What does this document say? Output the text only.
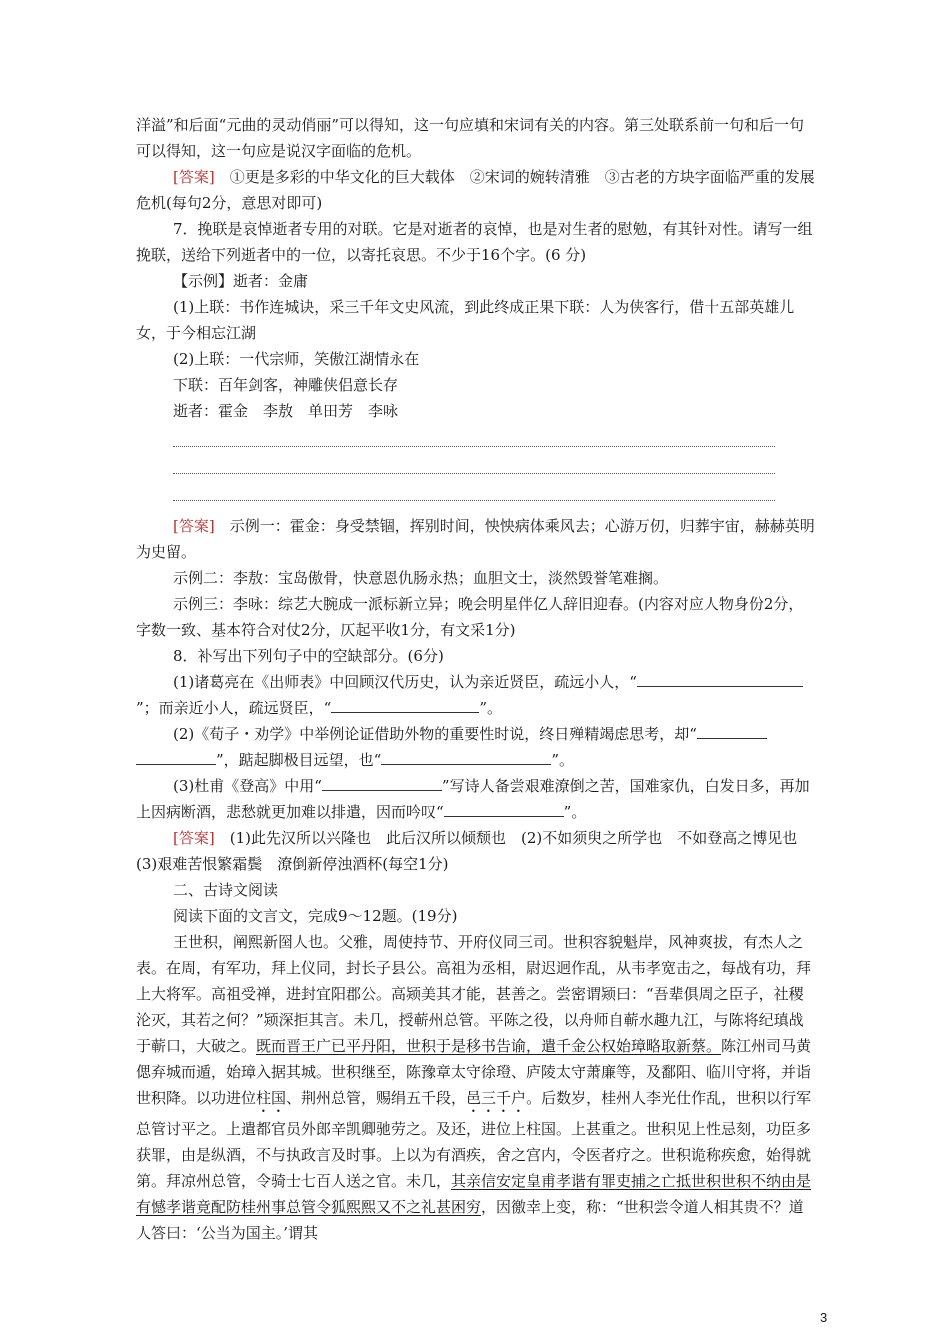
洋溢”和后面“元曲的灵动俏丽”可以得知，这一句应填和宋词有关的内容。第三处联系前一句和后一句可以得知，这一句应是说汉字面临的危机。

[答案]　 ①更是多彩的中华文化的巨大载体　②宋词的婉转清雅　③古老的方块字面临严重的发展危机(每句2分，意思对即可)

7．挽联是哀悼逝者专用的对联。它是对逝者的哀悼，也是对生者的慰勉，有其针对性。请写一组挽联，送给下列逝者中的一位，以寄托哀思。不少于16个字。(6 分)

【示例】逝者：金庸

(1)上联：书作连城诀，采三千年文史风流，到此终成正果下联：人为侠客行，借十五部英雄儿女，于今相忘江湖

(2)上联：一代宗师，笑傲江湖情永在

下联：百年剑客，神雕侠侣意长存

逝者：霍金　李敖　单田芳　李咏

[答案]　 示例一：霍金：身受禁锢，挥别时间，怏怏病体乘风去；心游万仞，归葬宇宙，赫赫英明为史留。

示例二：李敖：宝岛傲骨，快意恩仇肠永热；血胆文士，淡然毁誉笔难搁。

示例三：李咏：综艺大腕成一派标新立异；晚会明星伴亿人辞旧迎春。(内容对应人物身份2分，字数一致、基本符合对仗2分，仄起平收1分，有文采1分)

8．补写出下列句子中的空缺部分。(6分)

(1)诸葛亮在《出师表》中回顾汉代历史，认为亲近贤臣，疏远小人，“”；而亲近小人，疏远贤臣，“	”。

(2)《荀子・劝学》中举例论证借助外物的重要性时说，终日殚精竭虑思考，却“”，踮起脚极目远望，也“	”。

(3)杜甫《登高》中用“	”写诗人备尝艰难潦倒之苦，国难家仇，白发日多，再加上因病断酒，悲愁就更加难以排遣，因而吟叹“	”。

[答案]　 (1)此先汉所以兴隆也　此后汉所以倾颓也　(2)不如须臾之所学也　不如登高之博见也　(3)艰难苦恨繁霜鬓　潦倒新停浊酒杯(每空1分)

二、古诗文阅读

阅读下面的文言文，完成9～12题。(19分)

王世积，阐熙新囶人也。父雅，周使持节、开府仪同三司。世积容貌魁岸，风神爽拔，有杰人之表。在周，有军功，拜上仪同，封长子县公。高祖为丞相，尉迟迥作乱，从韦孝宽击之，每战有功，拜上大将军。高祖受禅，进封宜阳郡公。高颎美其才能，甚善之。尝密谓颎曰：“吾辈俱周之臣子，社稷沦灭，其若之何？”颎深拒其言。未几，授蕲州总管。平陈之役，以舟师自蕲水趣九江，与陈将纪瑱战于蕲口，大破之。既而晋王广已平丹阳，世积于是移书告谕，遣千金公权始璋略取新蔡。陈江州司马黄偲弃城而遁，始璋入据其城。世积继至，陈豫章太守徐璒、庐陵太守萧廉等，及鄱阳、临川守将，并诣世积降。以功进位柱国、荆州总管，赐绢五千段，邑三千户。后数岁，桂州人李光仕作乱，世积以行军总管讨平之。上遣都官员外郎辛凯卿驰劳之。及还，进位上柱国。上甚重之。世积见上性忌刻，功臣多获罪，由是纵酒，不与执政言及时事。上以为有酒疾，舍之宫内，令医者疗之。世积诡称疾愈，始得就第。拜凉州总管，令骑士七百人送之官。未几，其亲信安定皇甫孝谐有罪吏捕之亡抵世积世积不纳由是有憾孝谐竟配防桂州事总管令狐熙熙又不之礼甚困穷，因徼幸上变，称：“世积尝令道人相其贵不？道人答曰：‘公当为国主。’谓其

3
